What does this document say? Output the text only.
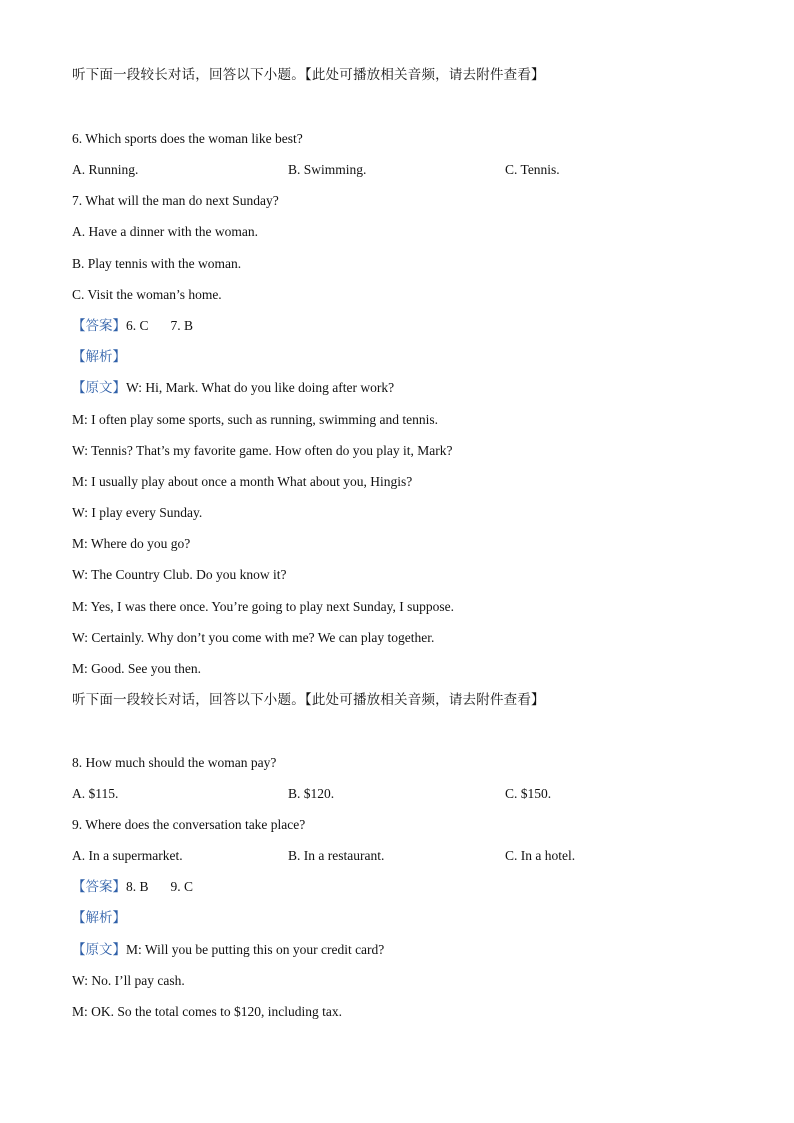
听下面一段较长对话，回答以下小题。【此处可播放相关音频，请去附件查看】
6. Which sports does the woman like best?
A. Running.	B. Swimming.	C. Tennis.
7. What will the man do next Sunday?
A. Have a dinner with the woman.
B. Play tennis with the woman.
C. Visit the woman’s home.
【答案】6. C 7. B
【解析】
【原文】W: Hi, Mark. What do you like doing after work?
M: I often play some sports, such as running, swimming and tennis.
W: Tennis? That’s my favorite game. How often do you play it, Mark?
M: I usually play about once a month What about you, Hingis?
W: I play every Sunday.
M: Where do you go?
W: The Country Club. Do you know it?
M: Yes, I was there once. You’re going to play next Sunday, I suppose.
W: Certainly. Why don’t you come with me? We can play together.
M: Good. See you then.
听下面一段较长对话，回答以下小题。【此处可播放相关音频，请去附件查看】
8. How much should the woman pay?
A. $115.	B. $120.	C. $150.
9. Where does the conversation take place?
A. In a supermarket.	B. In a restaurant.	C. In a hotel.
【答案】8. B 9. C
【解析】
【原文】M: Will you be putting this on your credit card?
W: No. I’ll pay cash.
M: OK. So the total comes to $120, including tax.
